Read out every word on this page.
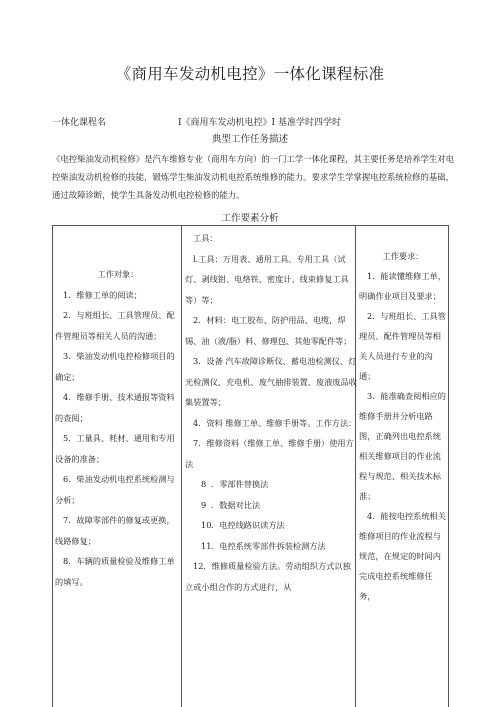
《商用车发动机电控》一体化课程标准
一体化课程名	I《商用车发动机电控》I 基准学时四学时
典型工作任务描述
《电控柴油发动机检修》是汽车维修专业（商用车方向）的一门工学一体化课程，其主要任务是培养学生对电控柴油发动机检修的技能，锻炼学生柴油发动机电控系统维修的能力。要求学生学掌握电控系统检修的基础，通过故障诊断，使学生具备发动机电控检修的能力。
工作要素分析

工作对象：

1．维修工单的阅读；

2．与班组长、工具管理员、配件管理员等相关人员的沟通；

3．柴油发动机电控检修项目的确定；

4．维修手册、技术通报等资料的查阅；

5．工量具、耗材、通用和专用设备的准备；

6．柴油发动机电控系统检测与分析；

7．故障零部件的修复或更换，线路修复；

8．车辆的质量检验及维修工单的填写。

工具：

l.工具：万用表、通用工具、专用工具（试灯、剥线钳、电烙铁、密度计、线束修复工具等）等；

2．材料：电工胶布、防护用品、电缆，焊锡、油（液/脂）料、修理包、其他零配件等；

3．设备 汽车故障诊断仪、蓄电池检测仪、灯光检测仪、充电机、废气抽排装置、废液废品收集装置等；

4．资料 维修工单、维修手册等。工作方法：

7．维修资料（维修工单、维修手册）使用方法

8 ．零部件替换法

9 ．数据对比法

10．电控线路识读方法

11．电控系统零部件拆装检测方法

12．维修质量检验方法。劳动组织方式以独立或小组合作的方式进行，从

工作要求：

1．能读懂维修工单，明确作业项目及要求；

2．与班组长、工具管理员、配件管理员等相关人员进行专业的沟通；

3．能准确查阅相应的维修手册并分析电路图，正确列出电控系统相关维修项目的作业流程与规范、相关技术标准；

4．能按电控系统相关维修项目的作业流程与规范，在规定的时间内完成电控系统维修任务，
